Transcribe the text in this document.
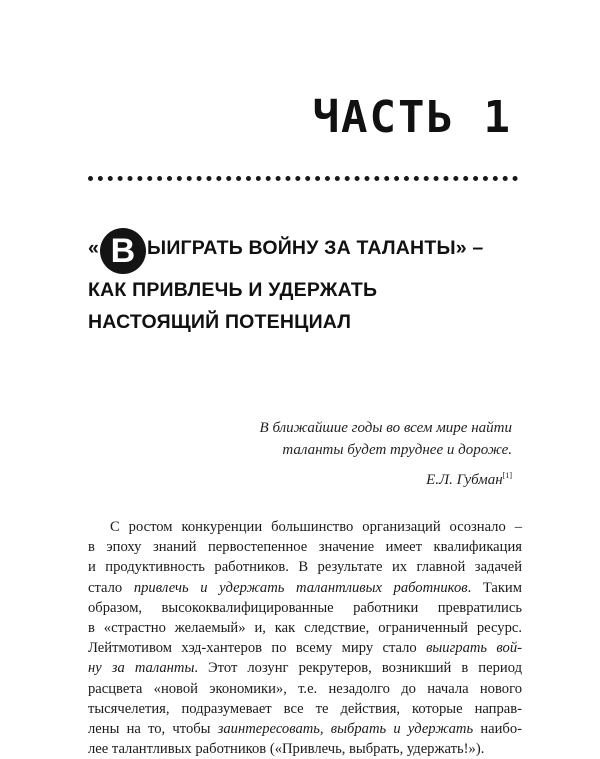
ЧАСТЬ 1
« В ЫИГРАТЬ ВОЙНУ ЗА ТАЛАНТЫ» –
КАК ПРИВЛЕЧЬ И УДЕРЖАТЬ
НАСТОЯЩИЙ ПОТЕНЦИАЛ
В ближайшие годы во всем мире найти
таланты будет труднее и дороже.
Е.Л. Губман[1]
С ростом конкуренции большинство организаций осознало –
в эпоху знаний первостепенное значение имеет квалификация
и продуктивность работников. В результате их главной задачей
стало привлечь и удержать талантливых работников. Таким
образом, высококвалифицированные работники превратились
в «страстно желаемый» и, как следствие, ограниченный ресурс.
Лейтмотивом хэд-хантеров по всему миру стало выиграть вой-
ну за таланты. Этот лозунг рекрутеров, возникший в период
расцвета «новой экономики», т.е. незадолго до начала нового
тысячелетия, подразумевает все те действия, которые направ-
лены на то, чтобы заинтересовать, выбрать и удержать наибо-
лее талантливых работников («Привлечь, выбрать, удержать!»).
